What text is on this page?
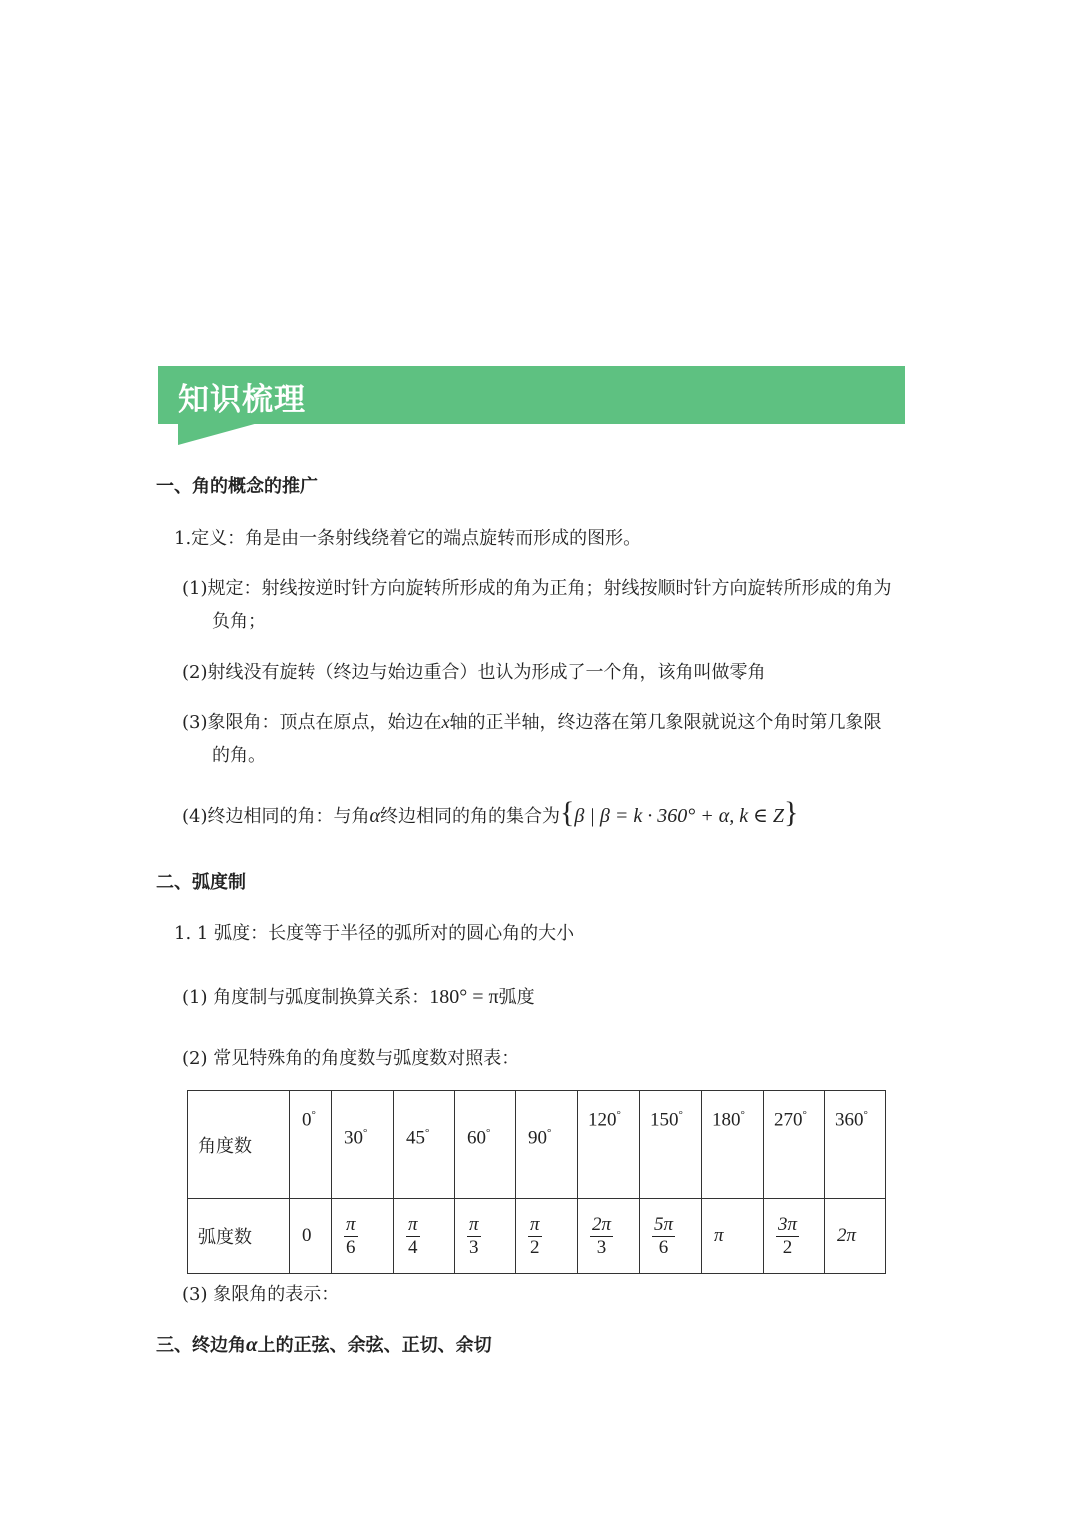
知识梳理
一、角的概念的推广
1.定义：角是由一条射线绕着它的端点旋转而形成的图形。
(1)规定：射线按逆时针方向旋转所形成的角为正角；射线按顺时针方向旋转所形成的角为
负角；
(2)射线没有旋转（终边与始边重合）也认为形成了一个角，该角叫做零角
(3)象限角：顶点在原点，始边在x轴的正半轴，终边落在第几象限就说这个角时第几象限
的角。
(4)终边相同的角：与角α终边相同的角的集合为{β | β = k · 360° + α, k ∈ Z}
二、弧度制
1. 1 弧度：长度等于半径的弧所对的圆心角的大小
(1) 角度制与弧度制换算关系：180° = π弧度
(2) 常见特殊角的角度数与弧度数对照表：
角度数	0°	30°	45°	60°	90°	120°	150°	180°	270°	360°
弧度数	0	$\frac{\pi}{6}$	$\frac{\pi}{4}$	$\frac{\pi}{3}$	$\frac{\pi}{2}$	$\frac{2\pi}{3}$	$\frac{5\pi}{6}$	π	$\frac{3\pi}{2}$	2π
(3) 象限角的表示：
三、终边角α上的正弦、余弦、正切、余切
